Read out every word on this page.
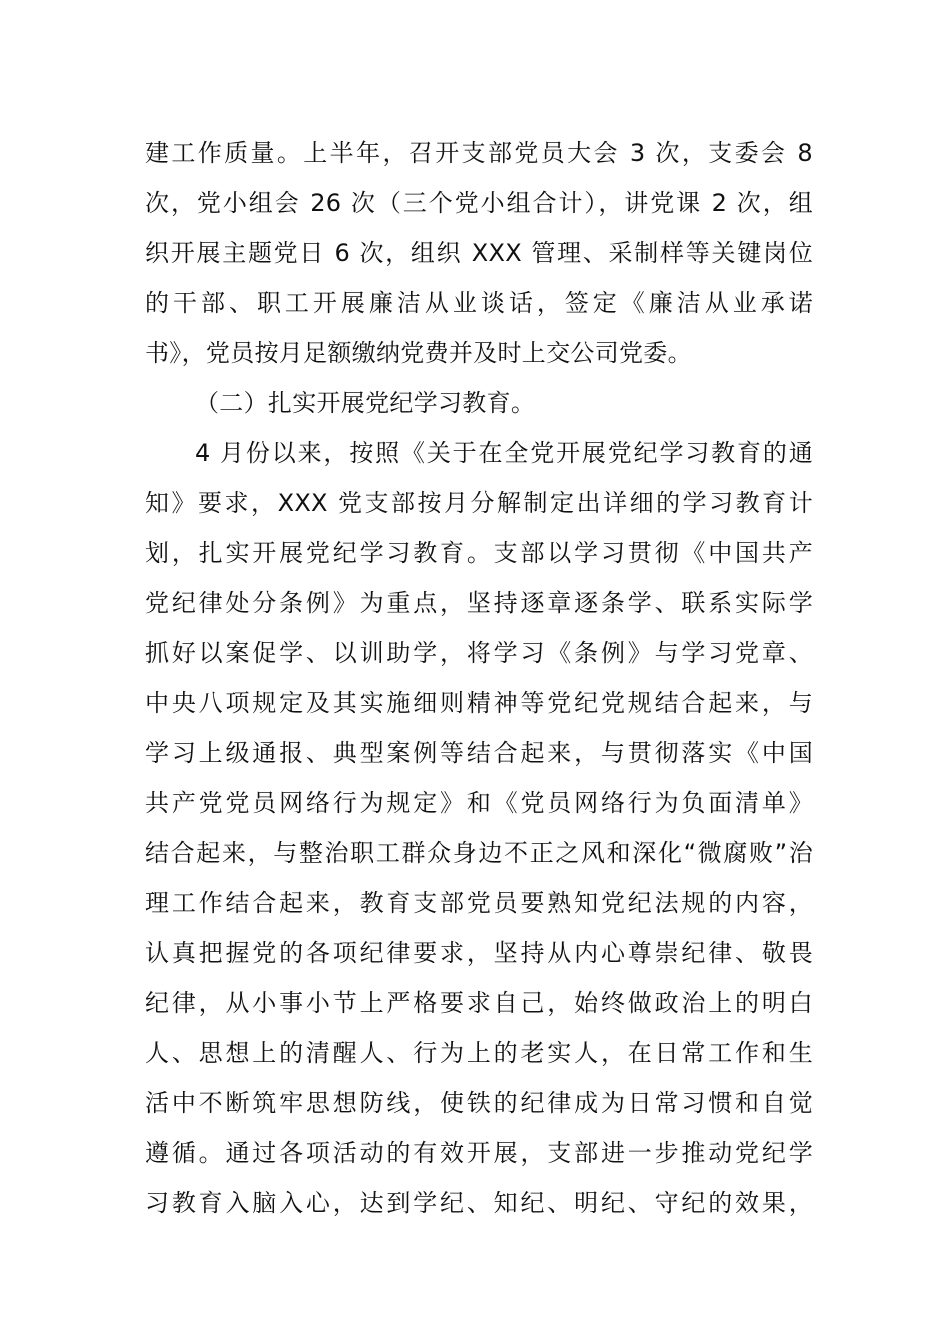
建工作质量。上半年，召开支部党员大会 3 次，支委会 8
次，党小组会 26 次（三个党小组合计），讲党课 2 次，组
织开展主题党日 6 次，组织 XXX 管理、采制样等关键岗位
的干部、职工开展廉洁从业谈话，签定《廉洁从业承诺
书》，党员按月足额缴纳党费并及时上交公司党委。
（二）扎实开展党纪学习教育。
4 月份以来，按照《关于在全党开展党纪学习教育的通
知》要求，XXX 党支部按月分解制定出详细的学习教育计
划，扎实开展党纪学习教育。支部以学习贯彻《中国共产
党纪律处分条例》为重点，坚持逐章逐条学、联系实际学
抓好以案促学、以训助学，将学习《条例》与学习党章、
中央八项规定及其实施细则精神等党纪党规结合起来，与
学习上级通报、典型案例等结合起来，与贯彻落实《中国
共产党党员网络行为规定》和《党员网络行为负面清单》
结合起来，与整治职工群众身边不正之风和深化“微腐败”治
理工作结合起来，教育支部党员要熟知党纪法规的内容，
认真把握党的各项纪律要求，坚持从内心尊崇纪律、敬畏
纪律，从小事小节上严格要求自己，始终做政治上的明白
人、思想上的清醒人、行为上的老实人，在日常工作和生
活中不断筑牢思想防线，使铁的纪律成为日常习惯和自觉
遵循。通过各项活动的有效开展，支部进一步推动党纪学
习教育入脑入心，达到学纪、知纪、明纪、守纪的效果，
